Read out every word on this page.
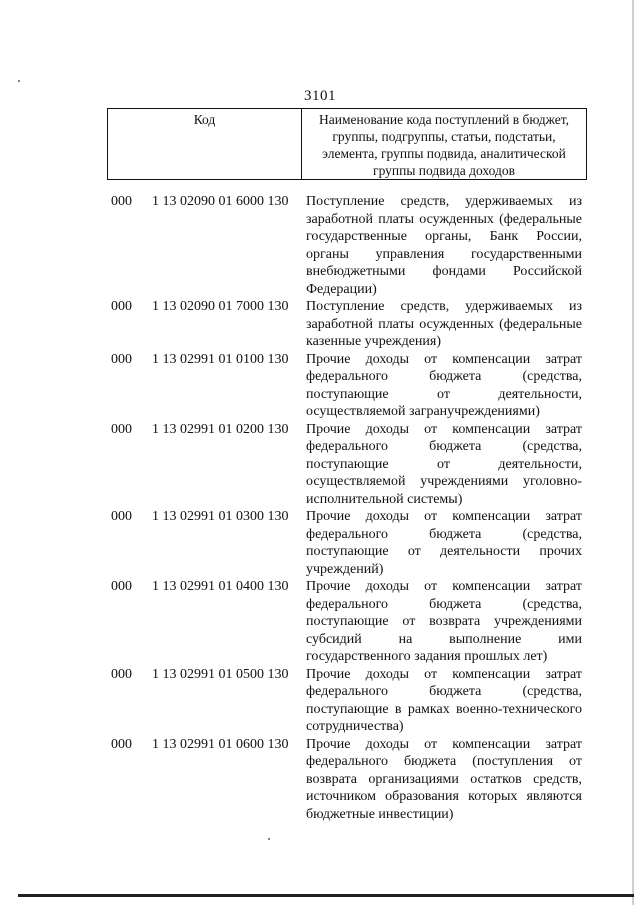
3101
Код	Наименование кода поступлений в бюджет,
группы, подгруппы, статьи, подстатьи,
элемента, группы подвида, аналитической
группы подвида доходов
000 1 13 02090 01 6000 130 Поступление средств, удерживаемых из
заработной платы осужденных (федеральные
государственные органы, Банк России,
органы управления государственными
внебюджетными фондами Российской
Федерации)
000 1 13 02090 01 7000 130 Поступление средств, удерживаемых из
заработной платы осужденных (федеральные
казенные учреждения)
000 1 13 02991 01 0100 130 Прочие доходы от компенсации затрат
федерального бюджета (средства,
поступающие от деятельности,
осуществляемой загранучреждениями)
000 1 13 02991 01 0200 130 Прочие доходы от компенсации затрат
федерального бюджета (средства,
поступающие от деятельности,
осуществляемой учреждениями уголовно-
исполнительной системы)
000 1 13 02991 01 0300 130 Прочие доходы от компенсации затрат
федерального бюджета (средства,
поступающие от деятельности прочих
учреждений)
000 1 13 02991 01 0400 130 Прочие доходы от компенсации затрат
федерального бюджета (средства,
поступающие от возврата учреждениями
субсидий на выполнение ими
государственного задания прошлых лет)
000 1 13 02991 01 0500 130 Прочие доходы от компенсации затрат
федерального бюджета (средства,
поступающие в рамках военно-технического
сотрудничества)
000 1 13 02991 01 0600 130 Прочие доходы от компенсации затрат
федерального бюджета (поступления от
возврата организациями остатков средств,
источником образования которых являются
бюджетные инвестиции)
